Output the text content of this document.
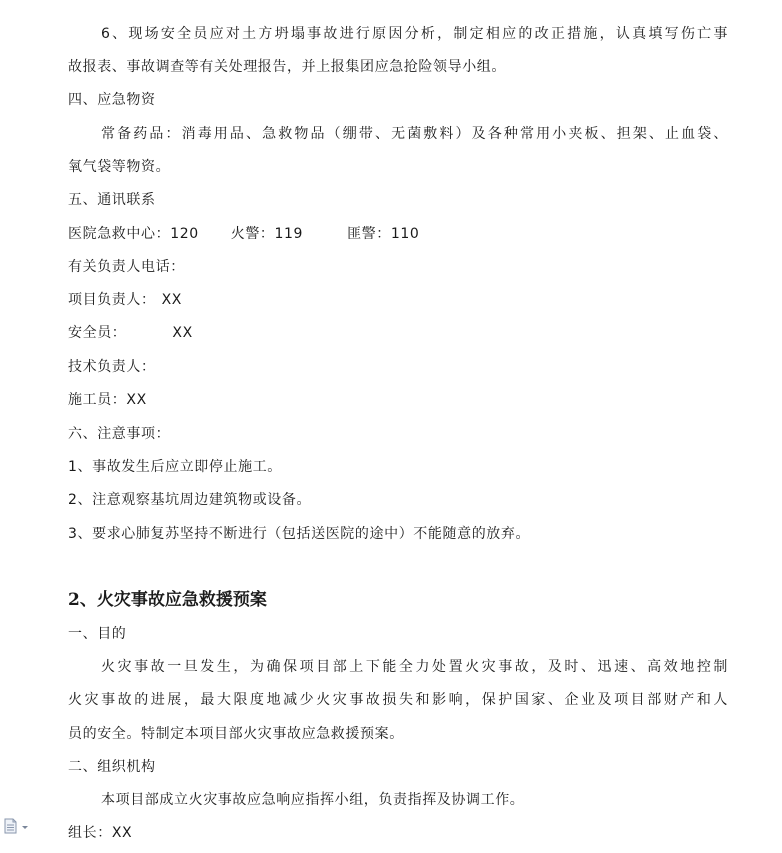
6、现场安全员应对土方坍塌事故进行原因分析，制定相应的改正措施，认真填写伤亡事
故报表、事故调查等有关处理报告，并上报集团应急抢险领导小组。
四、应急物资
常备药品：消毒用品、急救物品（绷带、无菌敷料）及各种常用小夹板、担架、止血袋、
氧气袋等物资。
五、通讯联系
医院急救中心：120 火警：119	匪警：110
有关负责人电话：
项目负责人： XX
安全员：	XX
技术负责人：
施工员：XX
六、注意事项：
1、事故发生后应立即停止施工。
2、注意观察基坑周边建筑物或设备。
3、要求心肺复苏坚持不断进行（包括送医院的途中）不能随意的放弃。
2、火灾事故应急救援预案
一、目的
火灾事故一旦发生，为确保项目部上下能全力处置火灾事故，及时、迅速、高效地控制
火灾事故的进展，最大限度地减少火灾事故损失和影响，保护国家、企业及项目部财产和人
员的安全。特制定本项目部火灾事故应急救援预案。
二、组织机构
本项目部成立火灾事故应急响应指挥小组，负责指挥及协调工作。
组长：XX
